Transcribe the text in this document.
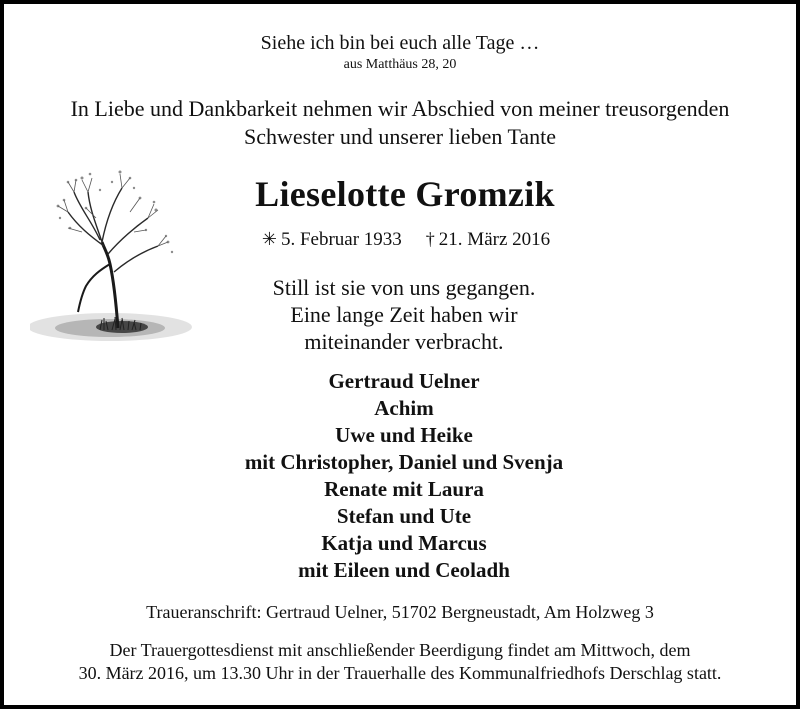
Siehe ich bin bei euch alle Tage …
aus Matthäus 28, 20
In Liebe und Dankbarkeit nehmen wir Abschied von meiner treusorgenden
Schwester und unserer lieben Tante
Lieselotte Gromzik
✳ 5. Februar 1933 † 21. März 2016
Still ist sie von uns gegangen.
Eine lange Zeit haben wir
miteinander verbracht.
Gertraud Uelner
Achim
Uwe und Heike
mit Christopher, Daniel und Svenja
Renate mit Laura
Stefan und Ute
Katja und Marcus
mit Eileen und Ceoladh
Traueranschrift: Gertraud Uelner, 51702 Bergneustadt, Am Holzweg 3
Der Trauergottesdienst mit anschließender Beerdigung findet am Mittwoch, dem
30. März 2016, um 13.30 Uhr in der Trauerhalle des Kommunalfriedhofs Derschlag statt.
